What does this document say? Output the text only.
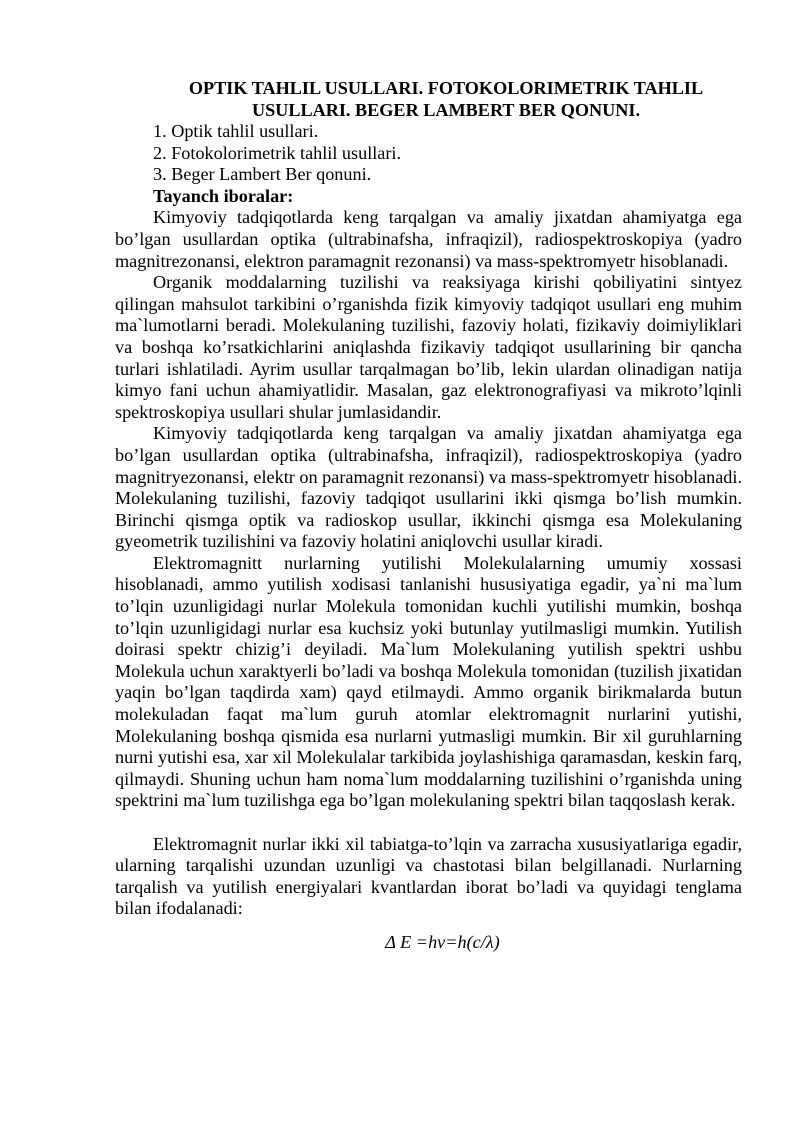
OPTIK TAHLIL USULLARI. FOTOKOLORIMETRIK TAHLIL
USULLARI. BEGER LAMBERT BER QONUNI.
1. Optik tahlil usullari.
2. Fotokolorimetrik tahlil usullari.
3. Beger Lambert Ber qonuni.
Tayanch iboralar:

Kimyoviy tadqiqotlarda keng tarqalgan va amaliy jixatdan ahamiyatga ega bo’lgan usullardan optika (ultrabinafsha, infraqizil), radiospektroskopiya (yadro magnitrezonansi, elektron paramagnit rezonansi) va mass-spektromyetr hisoblanadi.

Organik moddalarning tuzilishi va reaksiyaga kirishi qobiliyatini sintyez qilingan mahsulot tarkibini o’rganishda fizik kimyoviy tadqiqot usullari eng muhim ma`lumotlarni beradi. Molekulaning tuzilishi, fazoviy holati, fizikaviy doimiyliklari va boshqa ko’rsatkichlarini aniqlashda fizikaviy tadqiqot usullarining bir qancha turlari ishlatiladi. Ayrim usullar tarqalmagan bo’lib, lekin ulardan olinadigan natija kimyo fani uchun ahamiyatlidir. Masalan, gaz elektronografiyasi va mikroto’lqinli spektroskopiya usullari shular jumlasidandir.

Kimyoviy tadqiqotlarda keng tarqalgan va amaliy jixatdan ahamiyatga ega bo’lgan usullardan optika (ultrabinafsha, infraqizil), radiospektroskopiya (yadro magnitryezonansi, elektr on paramagnit rezonansi) va mass-spektromyetr hisoblanadi. Molekulaning tuzilishi, fazoviy tadqiqot usullarini ikki qismga bo’lish mumkin. Birinchi qismga optik va radioskop usullar, ikkinchi qismga esa Molekulaning gyeometrik tuzilishini va fazoviy holatini aniqlovchi usullar kiradi.

Elektromagnitt nurlarning yutilishi Molekulalarning umumiy xossasi hisoblanadi, ammo yutilish xodisasi tanlanishi hususiyatiga egadir, ya`ni ma`lum to’lqin uzunligidagi nurlar Molekula tomonidan kuchli yutilishi mumkin, boshqa to’lqin uzunligidagi nurlar esa kuchsiz yoki butunlay yutilmasligi mumkin. Yutilish doirasi spektr chizig’i deyiladi. Ma`lum Molekulaning yutilish spektri ushbu Molekula uchun xaraktyerli bo’ladi va boshqa Molekula tomonidan (tuzilish jixatidan yaqin bo’lgan taqdirda xam) qayd etilmaydi. Ammo organik birikmalarda butun molekuladan faqat ma`lum guruh atomlar elektromagnit nurlarini yutishi, Molekulaning boshqa qismida esa nurlarni yutmasligi mumkin. Bir xil guruhlarning nurni yutishi esa, xar xil Molekulalar tarkibida joylashishiga qaramasdan, keskin farq, qilmaydi. Shuning uchun ham noma`lum moddalarning tuzilishini o’rganishda uning spektrini ma`lum tuzilishga ega bo’lgan molekulaning spektri bilan taqqoslash kerak.

Elektromagnit nurlar ikki xil tabiatga-to’lqin va zarracha xususiyatlariga egadir, ularning tarqalishi uzundan uzunligi va chastotasi bilan belgillanadi. Nurlarning tarqalish va yutilish energiyalari kvantlardan iborat bo’ladi va quyidagi tenglama bilan ifodalanadi:

Δ E =hν=h(c/λ)
